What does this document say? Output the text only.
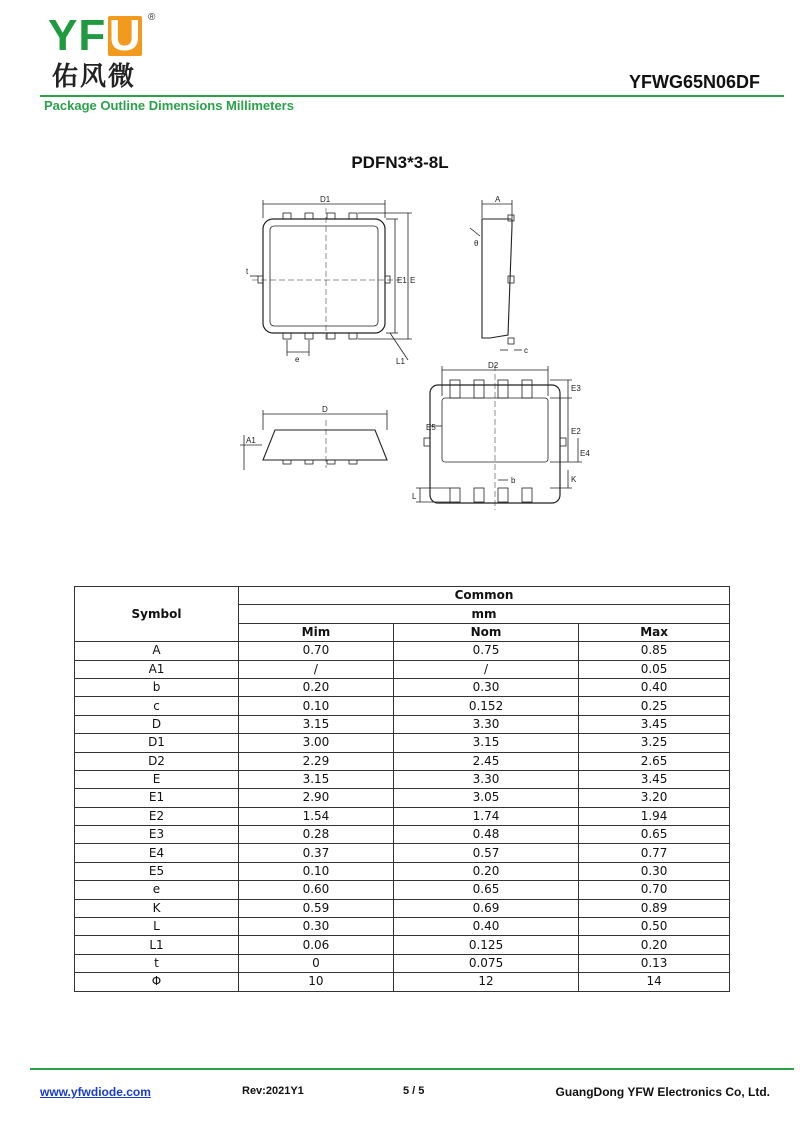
YFU ®
佑风微	YFWG65N06DF
Package Outline Dimensions Millimeters
PDFN3*3-8L
D1
E1 E
t
e	L1
A
θ
c
D
A1
D2
E3
E5	E2
E4
K
b
L
Symbol	Common		
	mm		
	Mim	Nom	Max
A	0.70	0.75	0.85
A1	/	/	0.05
b	0.20	0.30	0.40
c	0.10	0.152	0.25
D	3.15	3.30	3.45
D1	3.00	3.15	3.25
D2	2.29	2.45	2.65
E	3.15	3.30	3.45
E1	2.90	3.05	3.20
E2	1.54	1.74	1.94
E3	0.28	0.48	0.65
E4	0.37	0.57	0.77
E5	0.10	0.20	0.30
e	0.60	0.65	0.70
K	0.59	0.69	0.89
L	0.30	0.40	0.50
L1	0.06	0.125	0.20
t	0	0.075	0.13
Φ	10	12	14
www.yfwdiode.com	Rev:2021Y1	5 / 5	GuangDong YFW Electronics Co, Ltd.
